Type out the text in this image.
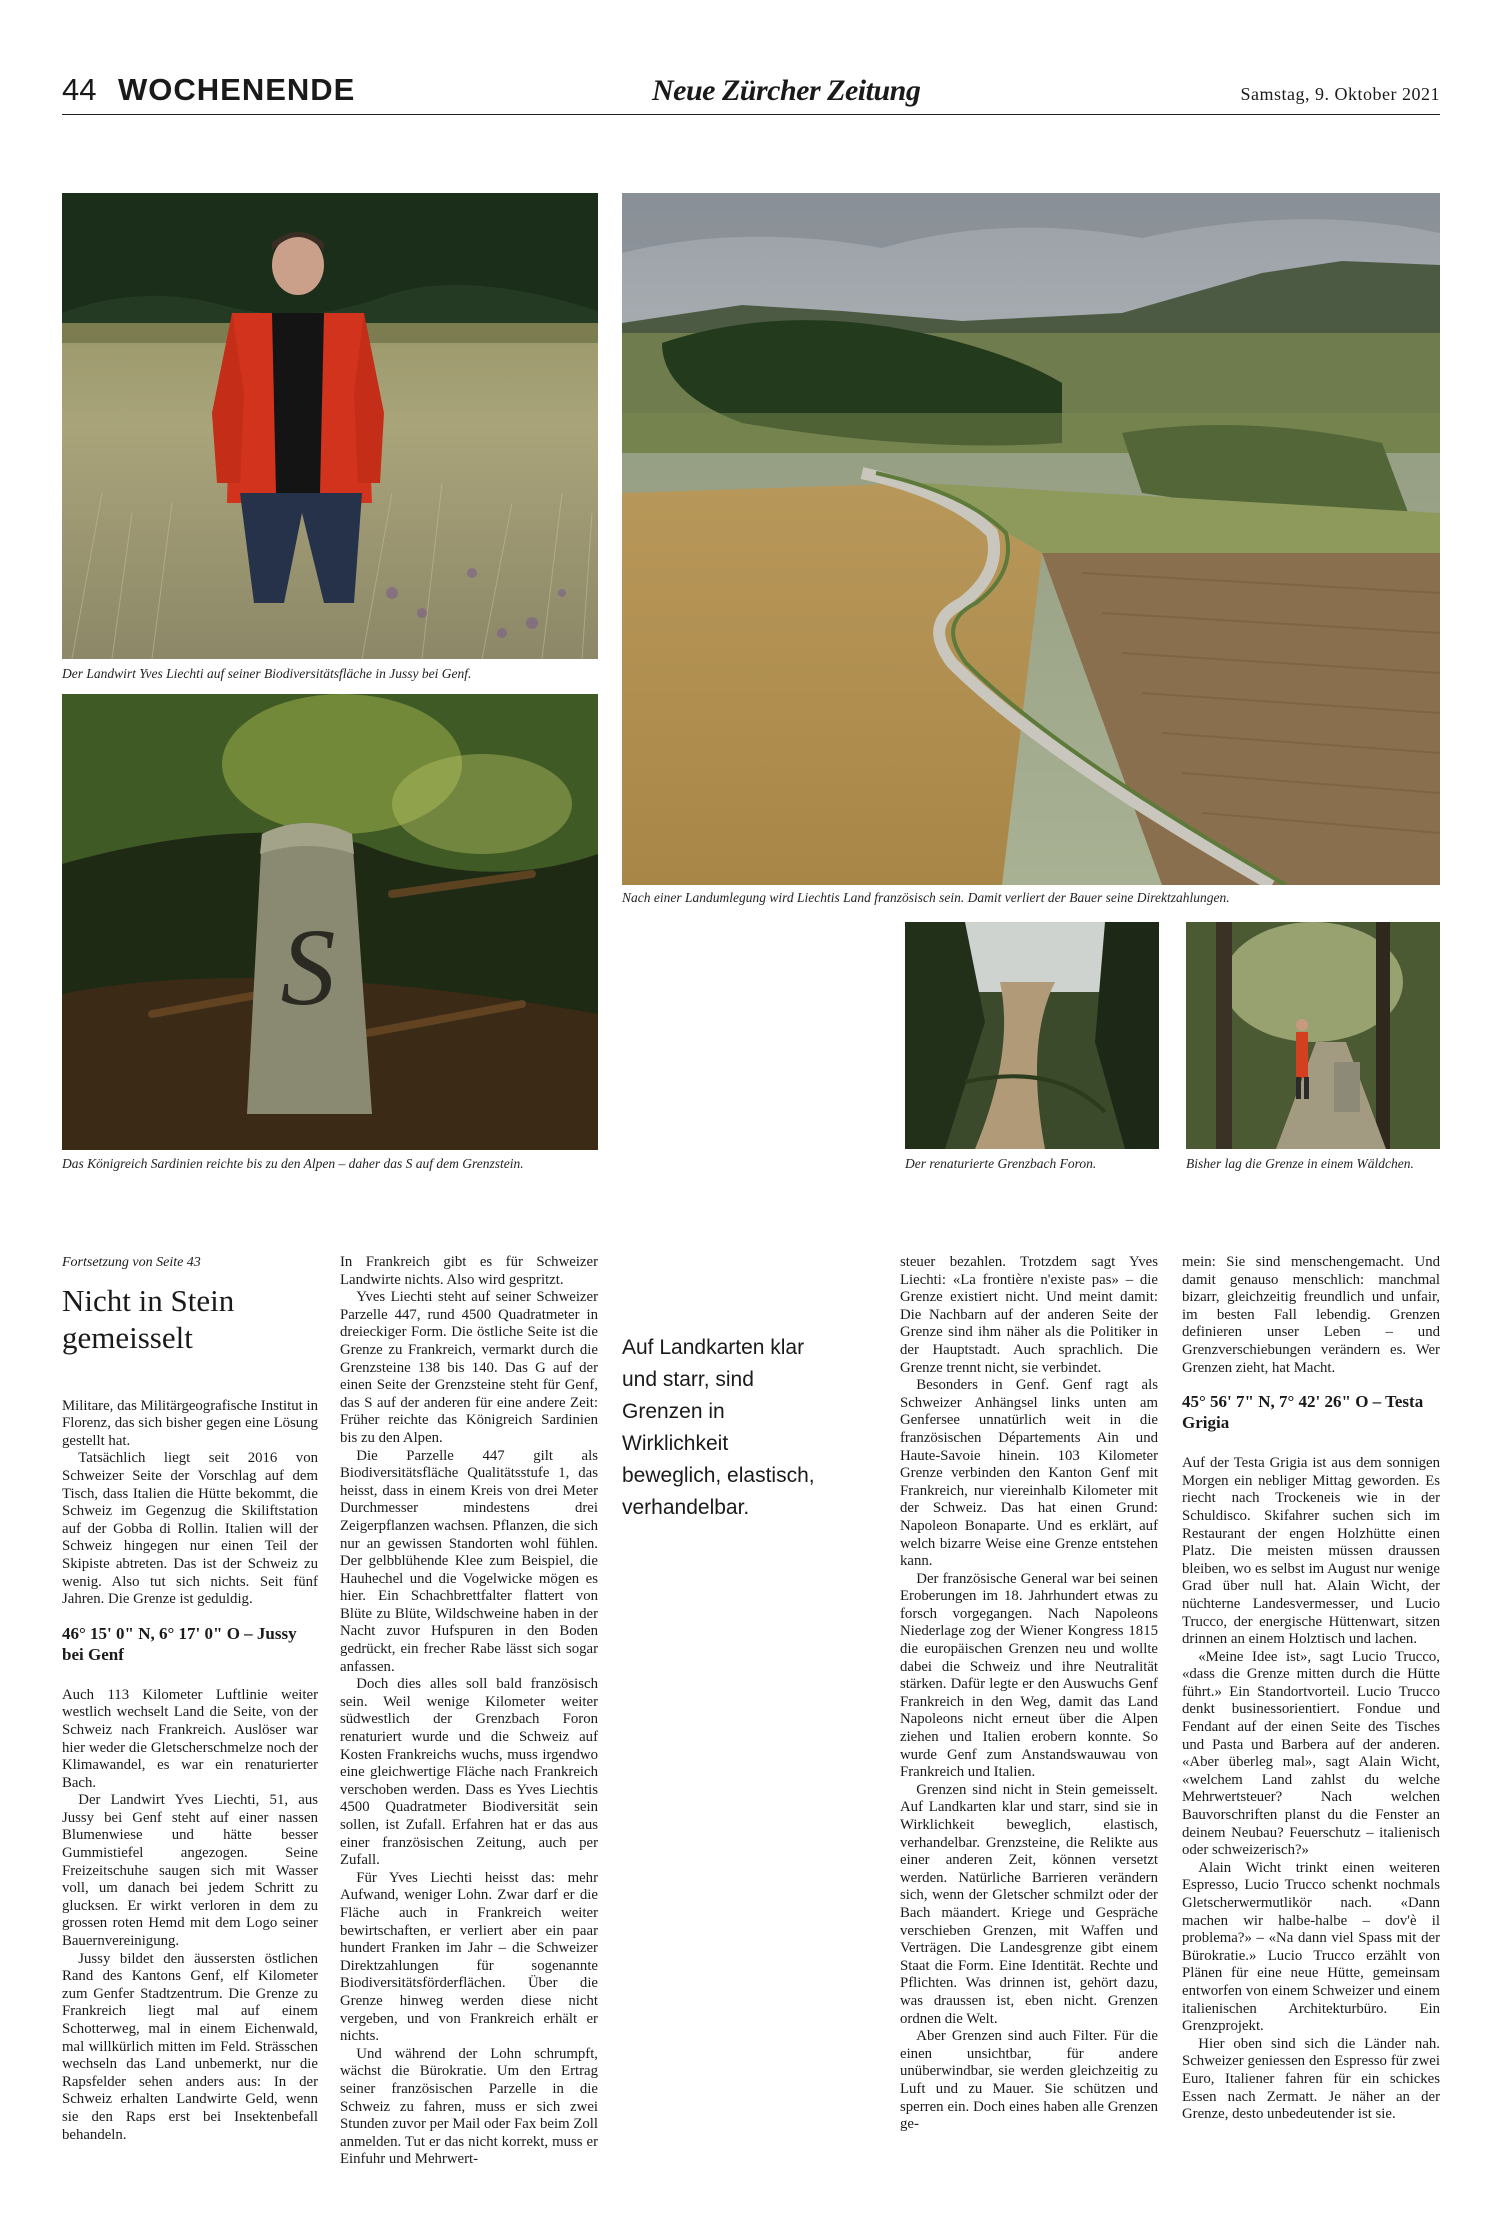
44 WOCHENENDE	Neue Zürcher Zeitung	Samstag, 9. Oktober 2021
Der Landwirt Yves Liechti auf seiner Biodiversitätsfläche in Jussy bei Genf.
Nach einer Landumlegung wird Liechtis Land französisch sein. Damit verliert der Bauer seine Direktzahlungen.
S
Das Königreich Sardinien reichte bis zu den Alpen – daher das S auf dem Grenzstein.	Der renaturierte Grenzbach Foron.	Bisher lag die Grenze in einem Wäldchen.
Auf Landkarten klar und starr, sind Grenzen in Wirklichkeit beweglich, elastisch, verhandelbar.
Fortsetzung von Seite 43
Nicht in Stein gemeisselt

Militare, das Militärgeografische Institut in Florenz, das sich bisher gegen eine Lösung gestellt hat.

Tatsächlich liegt seit 2016 von Schweizer Seite der Vorschlag auf dem Tisch, dass Italien die Hütte bekommt, die Schweiz im Gegenzug die Skiliftstation auf der Gobba di Rollin. Italien will der Schweiz hingegen nur einen Teil der Skipiste abtreten. Das ist der Schweiz zu wenig. Also tut sich nichts. Seit fünf Jahren. Die Grenze ist geduldig.

46° 15' 0" N, 6° 17' 0" O – Jussy bei Genf

Auch 113 Kilometer Luftlinie weiter westlich wechselt Land die Seite, von der Schweiz nach Frankreich. Auslöser war hier weder die Gletscherschmelze noch der Klimawandel, es war ein renaturierter Bach.

Der Landwirt Yves Liechti, 51, aus Jussy bei Genf steht auf einer nassen Blumenwiese und hätte besser Gummistiefel angezogen. Seine Freizeitschuhe saugen sich mit Wasser voll, um danach bei jedem Schritt zu glucksen. Er wirkt verloren in dem zu grossen roten Hemd mit dem Logo seiner Bauernvereinigung.

Jussy bildet den äussersten östlichen Rand des Kantons Genf, elf Kilometer zum Genfer Stadtzentrum. Die Grenze zu Frankreich liegt mal auf einem Schotterweg, mal in einem Eichenwald, mal willkürlich mitten im Feld. Strässchen wechseln das Land unbemerkt, nur die Rapsfelder sehen anders aus: In der Schweiz erhalten Landwirte Geld, wenn sie den Raps erst bei Insektenbefall behandeln.

In Frankreich gibt es für Schweizer Landwirte nichts. Also wird gespritzt.

Yves Liechti steht auf seiner Schweizer Parzelle 447, rund 4500 Quadratmeter in dreieckiger Form. Die östliche Seite ist die Grenze zu Frankreich, vermarkt durch die Grenzsteine 138 bis 140. Das G auf der einen Seite der Grenzsteine steht für Genf, das S auf der anderen für eine andere Zeit: Früher reichte das Königreich Sardinien bis zu den Alpen.

Die Parzelle 447 gilt als Biodiversitätsfläche Qualitätsstufe 1, das heisst, dass in einem Kreis von drei Meter Durchmesser mindestens drei Zeigerpflanzen wachsen. Pflanzen, die sich nur an gewissen Standorten wohl fühlen. Der gelbblühende Klee zum Beispiel, die Hauhechel und die Vogelwicke mögen es hier. Ein Schachbrettfalter flattert von Blüte zu Blüte, Wildschweine haben in der Nacht zuvor Hufspuren in den Boden gedrückt, ein frecher Rabe lässt sich sogar anfassen.

Doch dies alles soll bald französisch sein. Weil wenige Kilometer weiter südwestlich der Grenzbach Foron renaturiert wurde und die Schweiz auf Kosten Frankreichs wuchs, muss irgendwo eine gleichwertige Fläche nach Frankreich verschoben werden. Dass es Yves Liechtis 4500 Quadratmeter Biodiversität sein sollen, ist Zufall. Erfahren hat er das aus einer französischen Zeitung, auch per Zufall.

Für Yves Liechti heisst das: mehr Aufwand, weniger Lohn. Zwar darf er die Fläche auch in Frankreich weiter bewirtschaften, er verliert aber ein paar hundert Franken im Jahr – die Schweizer Direktzahlungen für sogenannte Biodiversitätsförderflächen. Über die Grenze hinweg werden diese nicht vergeben, und von Frankreich erhält er nichts.

Und während der Lohn schrumpft, wächst die Bürokratie. Um den Ertrag seiner französischen Parzelle in die Schweiz zu fahren, muss er sich zwei Stunden zuvor per Mail oder Fax beim Zoll anmelden. Tut er das nicht korrekt, muss er Einfuhr und Mehrwert-

steuer bezahlen. Trotzdem sagt Yves Liechti: «La frontière n'existe pas» – die Grenze existiert nicht. Und meint damit: Die Nachbarn auf der anderen Seite der Grenze sind ihm näher als die Politiker in der Hauptstadt. Auch sprachlich. Die Grenze trennt nicht, sie verbindet.

Besonders in Genf. Genf ragt als Schweizer Anhängsel links unten am Genfersee unnatürlich weit in die französischen Départements Ain und Haute-Savoie hinein. 103 Kilometer Grenze verbinden den Kanton Genf mit Frankreich, nur viereinhalb Kilometer mit der Schweiz. Das hat einen Grund: Napoleon Bonaparte. Und es erklärt, auf welch bizarre Weise eine Grenze entstehen kann.

Der französische General war bei seinen Eroberungen im 18. Jahrhundert etwas zu forsch vorgegangen. Nach Napoleons Niederlage zog der Wiener Kongress 1815 die europäischen Grenzen neu und wollte dabei die Schweiz und ihre Neutralität stärken. Dafür legte er den Auswuchs Genf Frankreich in den Weg, damit das Land Napoleons nicht erneut über die Alpen ziehen und Italien erobern konnte. So wurde Genf zum Anstandswauwau von Frankreich und Italien.

Grenzen sind nicht in Stein gemeisselt. Auf Landkarten klar und starr, sind sie in Wirklichkeit beweglich, elastisch, verhandelbar. Grenzsteine, die Relikte aus einer anderen Zeit, können versetzt werden. Natürliche Barrieren verändern sich, wenn der Gletscher schmilzt oder der Bach mäandert. Kriege und Gespräche verschieben Grenzen, mit Waffen und Verträgen. Die Landesgrenze gibt einem Staat die Form. Eine Identität. Rechte und Pflichten. Was drinnen ist, gehört dazu, was draussen ist, eben nicht. Grenzen ordnen die Welt.

Aber Grenzen sind auch Filter. Für die einen unsichtbar, für andere unüberwindbar, sie werden gleichzeitig zu Luft und zu Mauer. Sie schützen und sperren ein. Doch eines haben alle Grenzen ge-

mein: Sie sind menschengemacht. Und damit genauso menschlich: manchmal bizarr, gleichzeitig freundlich und unfair, im besten Fall lebendig. Grenzen definieren unser Leben – und Grenzverschiebungen verändern es. Wer Grenzen zieht, hat Macht.

45° 56' 7" N, 7° 42' 26" O – Testa Grigia

Auf der Testa Grigia ist aus dem sonnigen Morgen ein nebliger Mittag geworden. Es riecht nach Trockeneis wie in der Schuldisco. Skifahrer suchen sich im Restaurant der engen Holzhütte einen Platz. Die meisten müssen draussen bleiben, wo es selbst im August nur wenige Grad über null hat. Alain Wicht, der nüchterne Landesvermesser, und Lucio Trucco, der energische Hüttenwart, sitzen drinnen an einem Holztisch und lachen.

«Meine Idee ist», sagt Lucio Trucco, «dass die Grenze mitten durch die Hütte führt.» Ein Standortvorteil. Lucio Trucco denkt businessorientiert. Fondue und Fendant auf der einen Seite des Tisches und Pasta und Barbera auf der anderen. «Aber überleg mal», sagt Alain Wicht, «welchem Land zahlst du welche Mehrwertsteuer? Nach welchen Bauvorschriften planst du die Fenster an deinem Neubau? Feuerschutz – italienisch oder schweizerisch?»

Alain Wicht trinkt einen weiteren Espresso, Lucio Trucco schenkt nochmals Gletscherwermutlikör nach. «Dann machen wir halbe-halbe – dov'è il problema?» – «Na dann viel Spass mit der Bürokratie.» Lucio Trucco erzählt von Plänen für eine neue Hütte, gemeinsam entworfen von einem Schweizer und einem italienischen Architekturbüro. Ein Grenzprojekt.

Hier oben sind sich die Länder nah. Schweizer geniessen den Espresso für zwei Euro, Italiener fahren für ein schickes Essen nach Zermatt. Je näher an der Grenze, desto unbedeutender ist sie.
